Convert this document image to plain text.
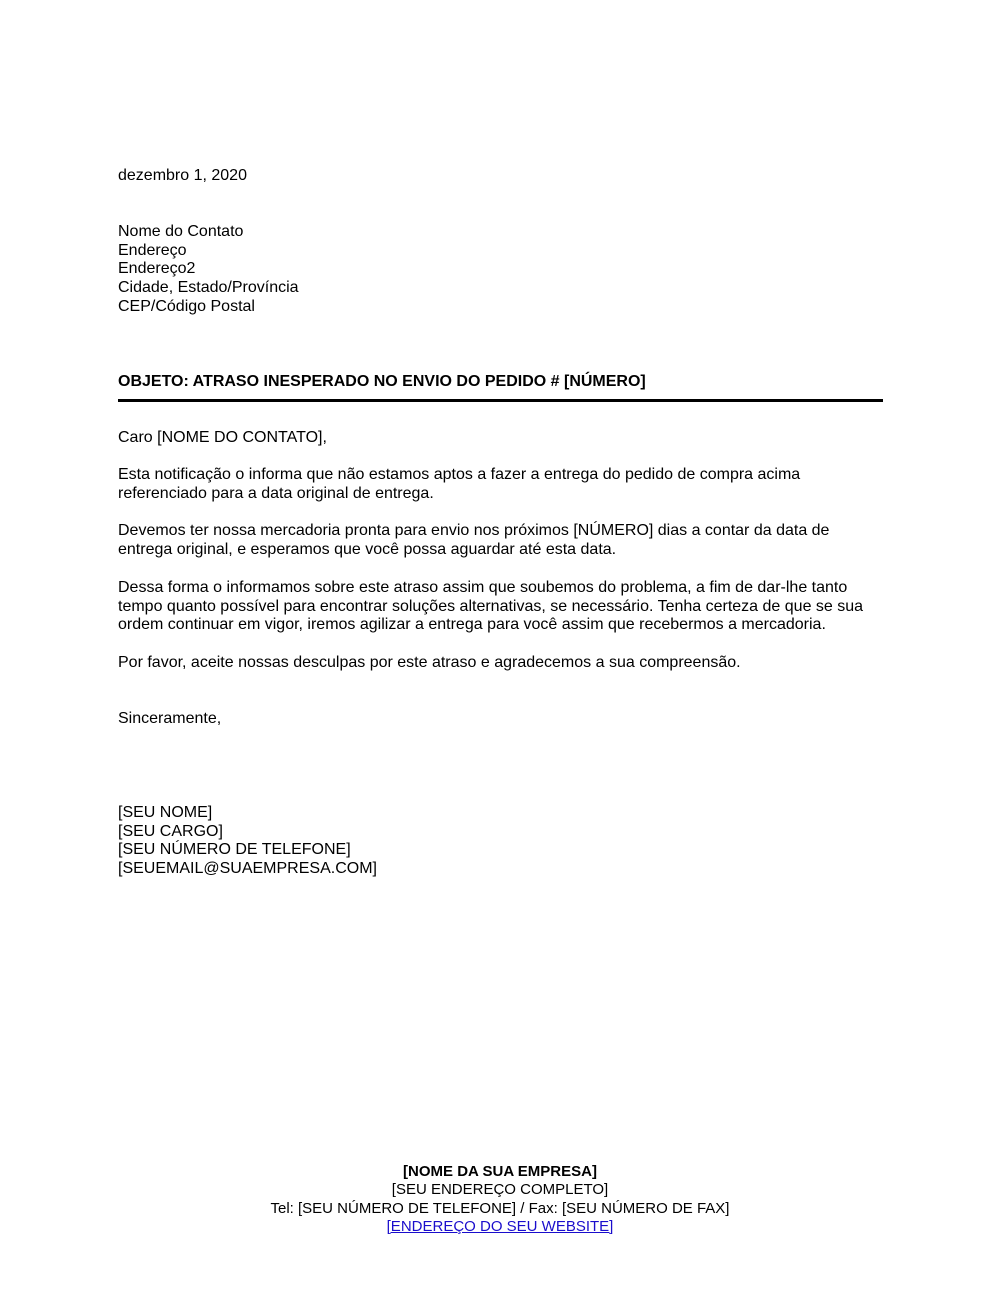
dezembro 1, 2020
Nome do Contato
Endereço
Endereço2
Cidade, Estado/Província
CEP/Código Postal
OBJETO: ATRASO INESPERADO NO ENVIO DO PEDIDO # [NÚMERO]
Caro [NOME DO CONTATO],
Esta notificação o informa que não estamos aptos a fazer a entrega do pedido de compra acima referenciado para a data original de entrega.
Devemos ter nossa mercadoria pronta para envio nos próximos [NÚMERO] dias a contar da data de entrega original, e esperamos que você possa aguardar até esta data.
Dessa forma o informamos sobre este atraso assim que soubemos do problema, a fim de dar-lhe tanto tempo quanto possível para encontrar soluções alternativas, se necessário. Tenha certeza de que se sua ordem continuar em vigor, iremos agilizar a entrega para você assim que recebermos a mercadoria.
Por favor, aceite nossas desculpas por este atraso e agradecemos a sua compreensão.
Sinceramente,
[SEU NOME]
[SEU CARGO]
[SEU NÚMERO DE TELEFONE]
[SEUEMAIL@SUAEMPRESA.COM]
[NOME DA SUA EMPRESA]
[SEU ENDEREÇO COMPLETO]
Tel: [SEU NÚMERO DE TELEFONE] / Fax: [SEU NÚMERO DE FAX]
[ENDEREÇO DO SEU WEBSITE]
